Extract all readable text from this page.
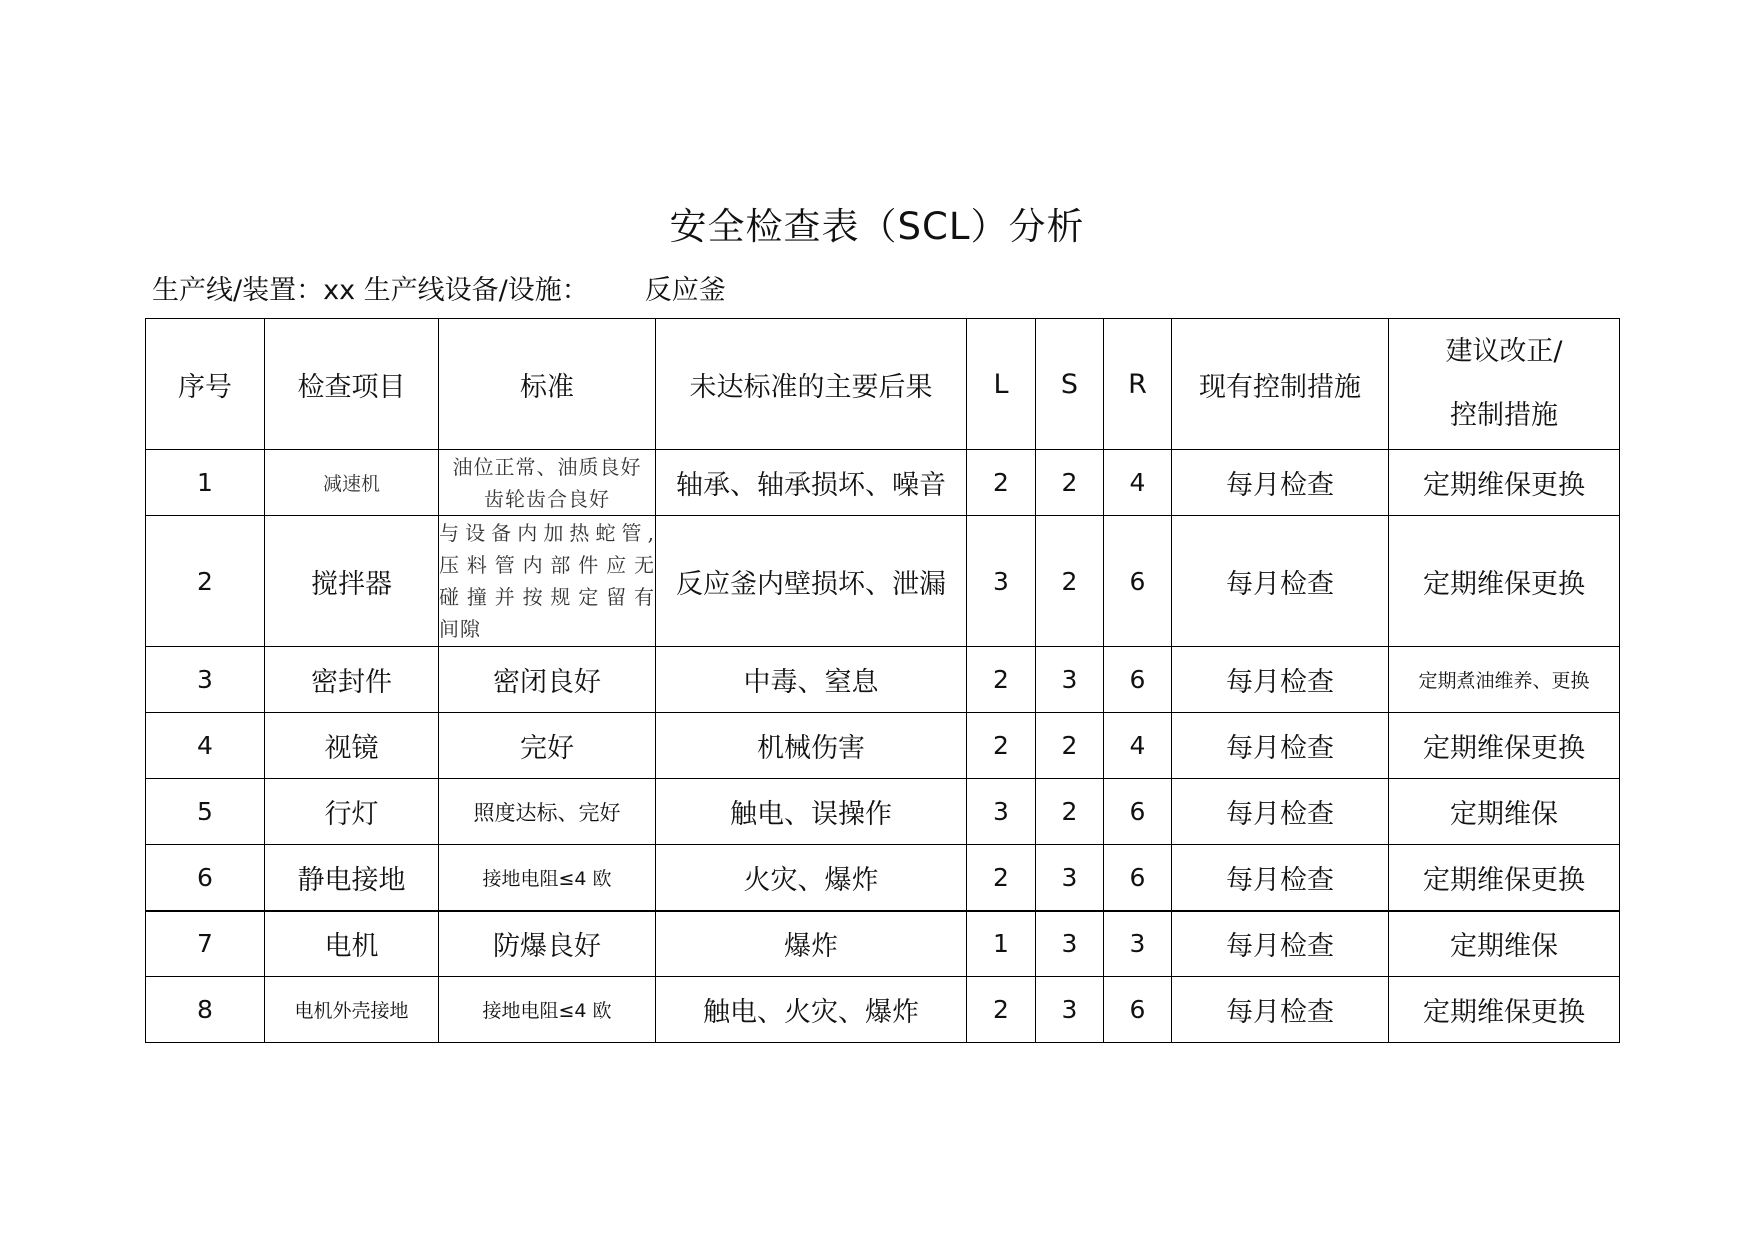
安全检查表（SCL）分析
生产线/装置：xx 生产线设备/设施： 反应釜
序号	检查项目	标准	未达标准的主要后果	L	S	R	现有控制措施	建议改正/
控制措施

1	减速机	油位正常、油质良好
齿轮齿合良好	轴承、轴承损坏、噪音	2	2	4	每月检查	定期维保更换
2	搅拌器	与设备内加热蛇管,
压料管内部件应无
碰撞并按规定留有
间隙	反应釜内壁损坏、泄漏	3	2	6	每月检查	定期维保更换
3	密封件	密闭良好	中毒、窒息	2	3	6	每月检查	定期煮油维养、更换
4	视镜	完好	机械伤害	2	2	4	每月检查	定期维保更换
5	行灯	照度达标、完好	触电、误操作	3	2	6	每月检查	定期维保
6	静电接地	接地电阻≤4 欧	火灾、爆炸	2	3	6	每月检查	定期维保更换
7	电机	防爆良好	爆炸	1	3	3	每月检查	定期维保
8	电机外壳接地	接地电阻≤4 欧	触电、火灾、爆炸	2	3	6	每月检查	定期维保更换
